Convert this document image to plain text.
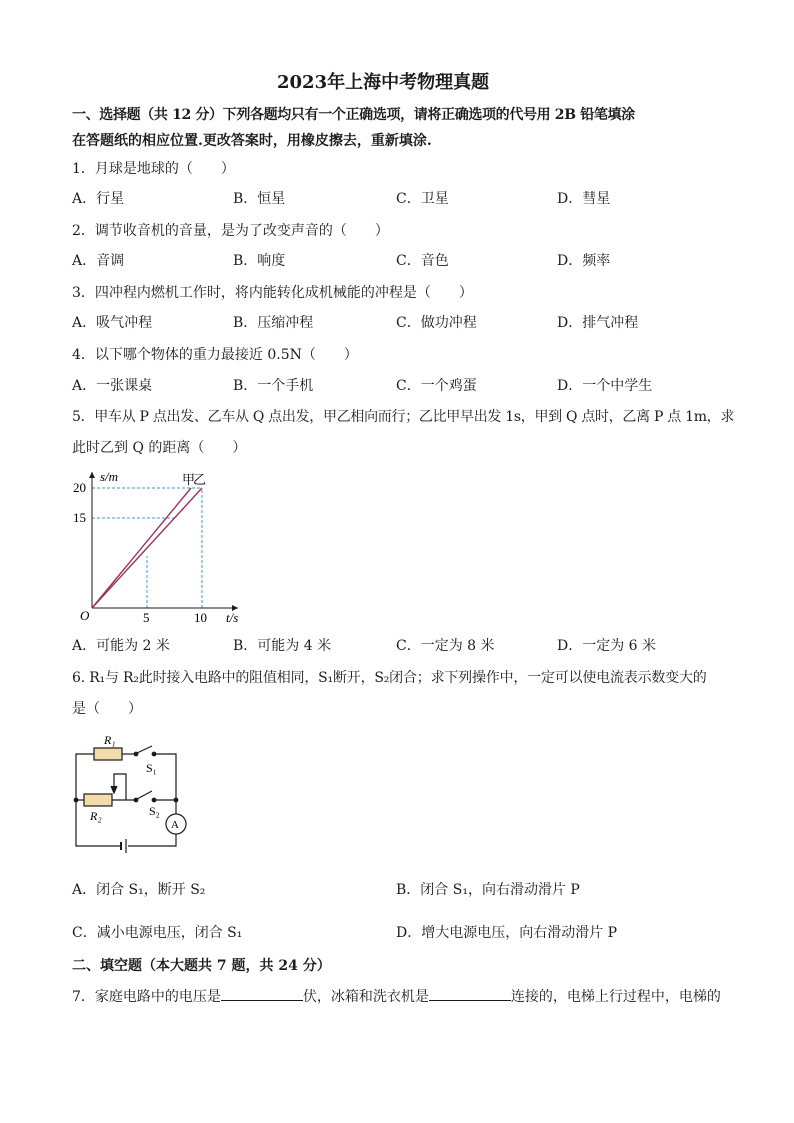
2023年上海中考物理真题
一、选择题（共 12 分）下列各题均只有一个正确选项，请将正确选项的代号用 2B 铅笔填涂
在答题纸的相应位置.更改答案时，用橡皮擦去，重新填涂.
1．月球是地球的（　　）
A．行星	B．恒星	C．卫星	D．彗星
2．调节收音机的音量，是为了改变声音的（　　）
A．音调	B．响度	C．音色	D．频率
3．四冲程内燃机工作时，将内能转化成机械能的冲程是（　　）
A．吸气冲程	B．压缩冲程	C．做功冲程	D．排气冲程
4．以下哪个物体的重力最接近 0.5N（　　）
A．一张课桌	B．一个手机	C．一个鸡蛋	D．一个中学生
5．甲车从 P 点出发、乙车从 Q 点出发，甲乙相向而行；乙比甲早出发 1s，甲到 Q 点时，乙离 P 点 1m，求
此时乙到 Q 的距离（　　）
甲
乙
5	10
15
20
s/m
t/s
O
A．可能为 2 米	B．可能为 4 米	C．一定为 8 米	D．一定为 6 米
6. R₁与 R₂此时接入电路中的阻值相同，S₁断开，S₂闭合；求下列操作中，一定可以使电流表示数变大的
是（　　）
R₁
S₁
R₂	S₂
A
A．闭合 S₁，断开 S₂	B．闭合 S₁，向右滑动滑片 P
C．减小电源电压，闭合 S₁	D．增大电源电压，向右滑动滑片 P
二、填空题（本大题共 7 题，共 24 分）
7．家庭电路中的电压是	伏，冰箱和洗衣机是	连接的，电梯上行过程中，电梯的
